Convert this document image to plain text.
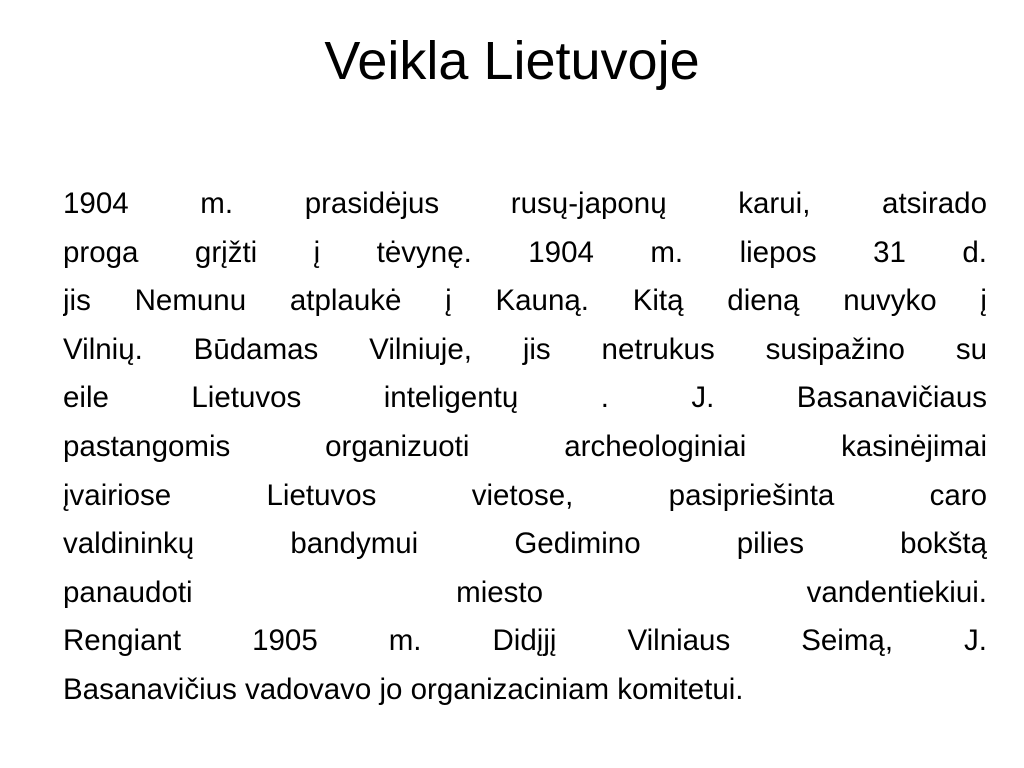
Veikla Lietuvoje
1904 m. prasidėjus rusų-japonų karui, atsirado
proga grįžti į tėvynę. 1904 m. liepos 31 d.
jis Nemunu atplaukė į Kauną. Kitą dieną nuvyko į
Vilnių. Būdamas Vilniuje, jis netrukus susipažino su
eile Lietuvos inteligentų . J. Basanavičiaus
pastangomis organizuoti archeologiniai kasinėjimai
įvairiose Lietuvos vietose, pasipriešinta caro
valdininkų bandymui Gedimino pilies bokštą
panaudoti miesto vandentiekiui.
Rengiant 1905 m. Didįjį Vilniaus Seimą, J.
Basanavičius vadovavo jo organizaciniam komitetui.
